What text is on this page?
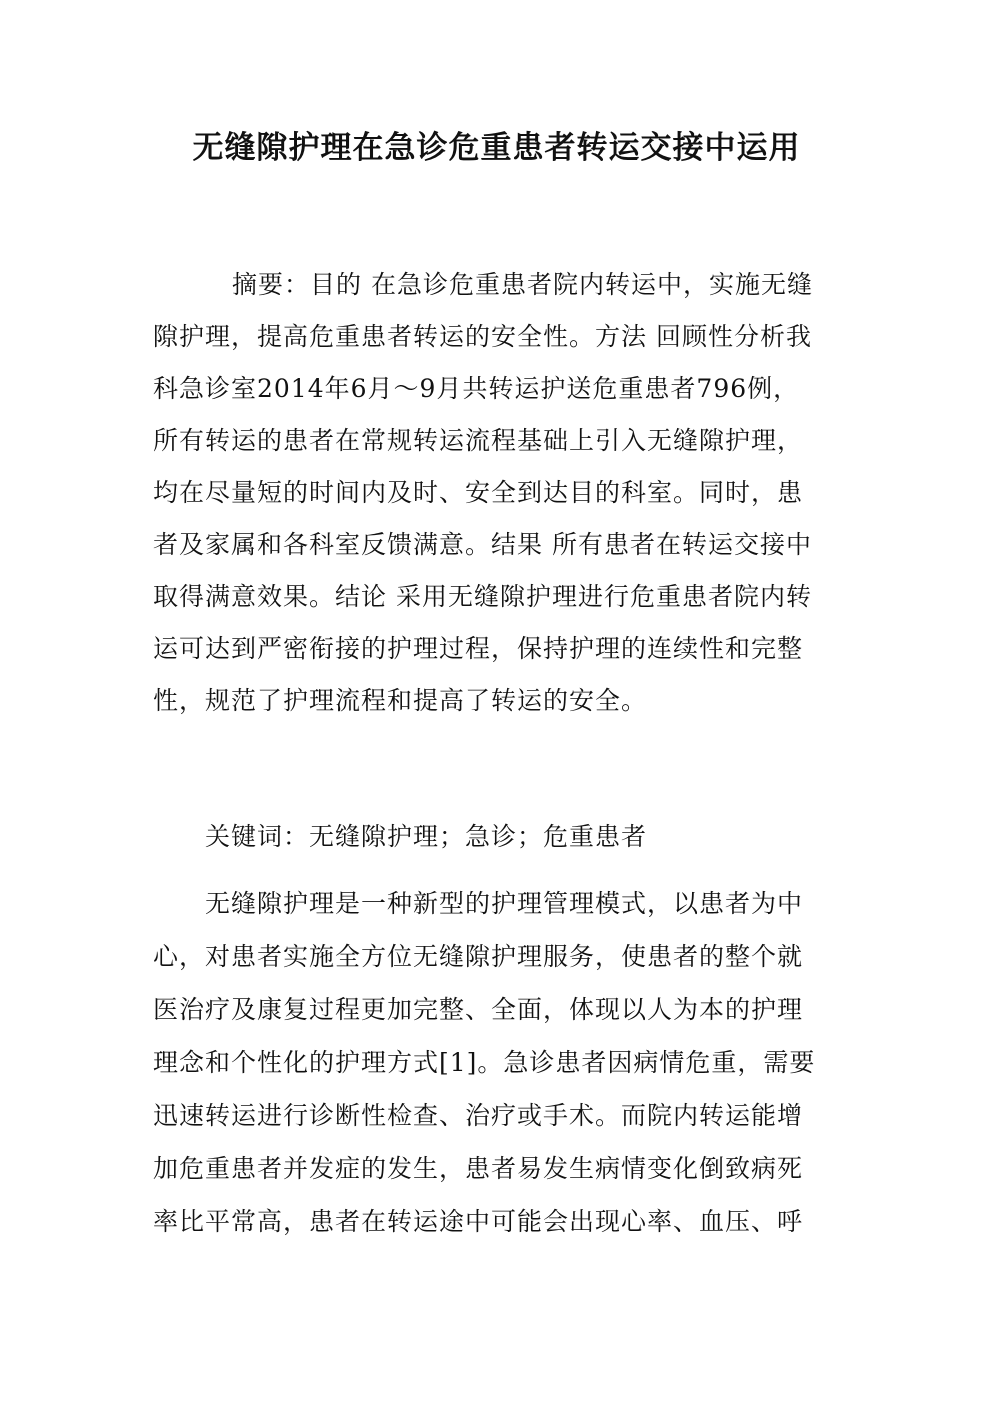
无缝隙护理在急诊危重患者转运交接中运用
摘要：目的 在急诊危重患者院内转运中，实施无缝
隙护理，提高危重患者转运的安全性。方法 回顾性分析我
科急诊室2014年6月～9月共转运护送危重患者796例，
所有转运的患者在常规转运流程基础上引入无缝隙护理，
均在尽量短的时间内及时、安全到达目的科室。同时，患
者及家属和各科室反馈满意。结果 所有患者在转运交接中
取得满意效果。结论 采用无缝隙护理进行危重患者院内转
运可达到严密衔接的护理过程，保持护理的连续性和完整
性，规范了护理流程和提高了转运的安全。
关键词：无缝隙护理；急诊；危重患者
无缝隙护理是一种新型的护理管理模式，以患者为中
心，对患者实施全方位无缝隙护理服务，使患者的整个就
医治疗及康复过程更加完整、全面，体现以人为本的护理
理念和个性化的护理方式[1]。急诊患者因病情危重，需要
迅速转运进行诊断性检查、治疗或手术。而院内转运能增
加危重患者并发症的发生，患者易发生病情变化倒致病死
率比平常高，患者在转运途中可能会出现心率、血压、呼
